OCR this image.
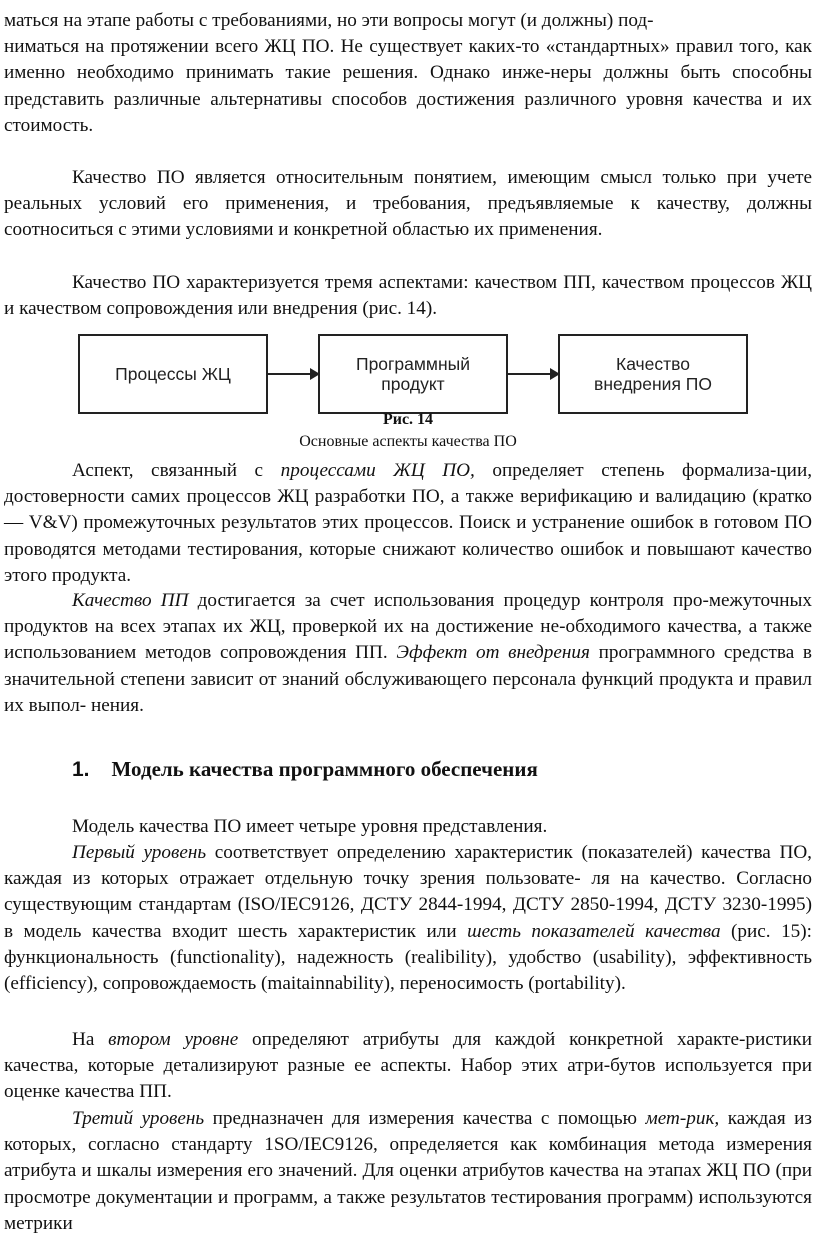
маться на этапе работы с требованиями, но эти вопросы могут (и должны) под-
ниматься на протяжении всего ЖЦ ПО. Не существует каких-то «стандартных» правил того, как именно необходимо принимать такие решения. Однако инже-неры должны быть способны представить различные альтернативы способов достижения различного уровня качества и их стоимость.

Качество ПО является относительным понятием, имеющим смысл только при учете реальных условий его применения, и требования, предъявляемые к качеству, должны соотноситься с этими условиями и конкретной областью их применения.

Качество ПО характеризуется тремя аспектами: качеством ПП, качеством процессов ЖЦ и качеством сопровождения или внедрения (рис. 14).

Процессы ЖЦ	Программный
продукт
Качество
внедрения ПО

Рис. 14

Основные аспекты качества ПО

Аспект, связанный с процессами ЖЦ ПО, определяет степень формализа-ции, достоверности самих процессов ЖЦ разработки ПО, а также верификацию и валидацию (кратко — V&V) промежуточных результатов этих процессов. Поиск и устранение ошибок в готовом ПО проводятся методами тестирования, которые снижают количество ошибок и повышают качество этого продукта.

Качество ПП достигается за счет использования процедур контроля про-межуточных продуктов на всех этапах их ЖЦ, проверкой их на достижение не-обходимого качества, а также использованием методов сопровождения ПП. Эффект от внедрения программного средства в значительной степени зависит от знаний обслуживающего персонала функций продукта и правил их выпол- нения.

1. Модель качества программного обеспечения

Модель качества ПО имеет четыре уровня представления.

Первый уровень соответствует определению характеристик (показателей) качества ПО, каждая из которых отражает отдельную точку зрения пользовате- ля на качество. Согласно существующим стандартам (ISO/IEC9126, ДСТУ 2844-1994, ДСТУ 2850-1994, ДСТУ 3230-1995) в модель качества входит шесть характеристик или шесть показателей качества (рис. 15): функциональность (functionality), надежность (realibility), удобство (usability), эффективность (efficiency), сопровождаемость (maitainnability), переносимость (portability).

На втором уровне определяют атрибуты для каждой конкретной характе-ристики качества, которые детализируют разные ее аспекты. Набор этих атри-бутов используется при оценке качества ПП.

Третий уровень предназначен для измерения качества с помощью мет-рик, каждая из которых, согласно стандарту 1SO/IEC9126, определяется как комбинация метода измерения атрибута и шкалы измерения его значений. Для оценки атрибутов качества на этапах ЖЦ ПО (при просмотре документации и программ, а также результатов тестирования программ) используются метрики
